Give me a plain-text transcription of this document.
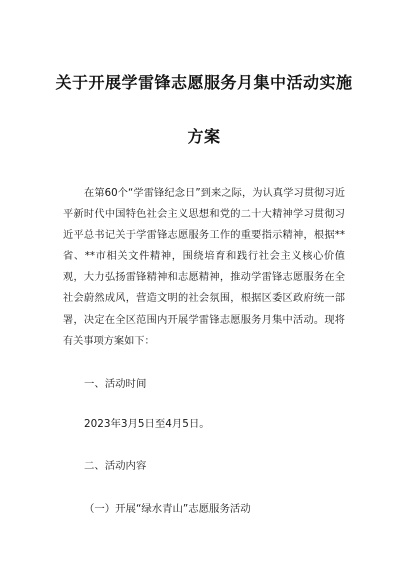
关于开展学雷锋志愿服务月集中活动实施
方案
在第60个“学雷锋纪念日”到来之际，为认真学习贯彻习近平新时代中国特色社会主义思想和党的二十大精神学习贯彻习近平总书记关于学雷锋志愿服务工作的重要指示精神，根据**省、**市相关文件精神，围绕培育和践行社会主义核心价值观，大力弘扬雷锋精神和志愿精神，推动学雷锋志愿服务在全社会蔚然成风，营造文明的社会氛围，根据区委区政府统一部署，决定在全区范围内开展学雷锋志愿服务月集中活动。现将有关事项方案如下：
一、活动时间
2023年3月5日至4月5日。
二、活动内容
（一）开展“绿水青山”志愿服务活动
